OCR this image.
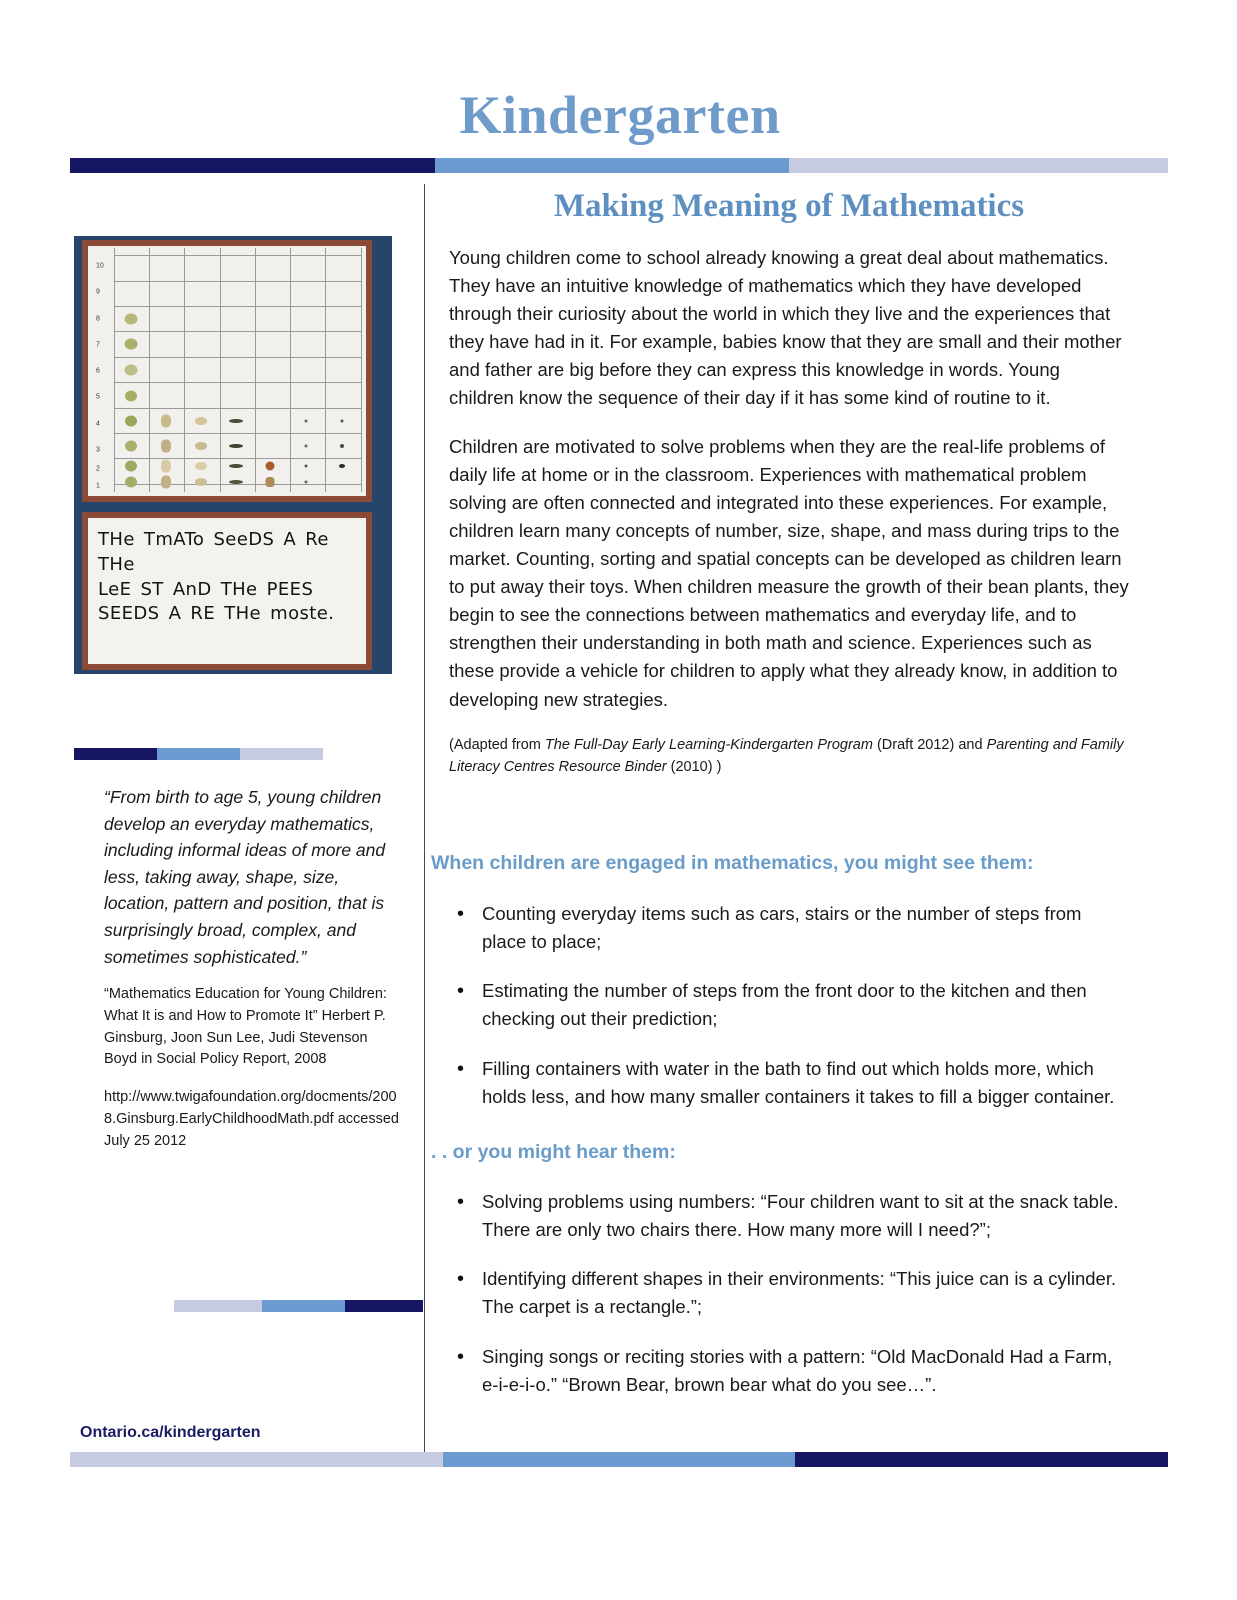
Kindergarten
10
9
8
7
6
5
4
3
2
1
THe TmATo SeeDS A Re THe
LeE ST AnD THe PEES
SEEDS A RE THe moste.
“From birth to age 5, young children develop an everyday mathematics, including informal ideas of more and less, taking away, shape, size, location, pattern and position, that is surprisingly broad, complex, and sometimes sophisticated.”
“Mathematics Education for Young Children: What It is and How to Promote It” Herbert P. Ginsburg, Joon Sun Lee, Judi Stevenson Boyd in Social Policy Report, 2008
http://www.twigafoundation.org/docments/2008.Ginsburg.EarlyChildhoodMath.pdf accessed July 25 2012
Ontario.ca/kindergarten
Making Meaning of Mathematics

Young children come to school already knowing a great deal about mathematics. They have an intuitive knowledge of mathematics which they have developed through their curiosity about the world in which they live and the experiences that they have had in it. For example, babies know that they are small and their mother and father are big before they can express this knowledge in words. Young children know the sequence of their day if it has some kind of routine to it.

Children are motivated to solve problems when they are the real-life problems of daily life at home or in the classroom. Experiences with mathematical problem solving are often connected and integrated into these experiences. For example, children learn many concepts of number, size, shape, and mass during trips to the market. Counting, sorting and spatial concepts can be developed as children learn to put away their toys. When children measure the growth of their bean plants, they begin to see the connections between mathematics and everyday life, and to strengthen their understanding in both math and science. Experiences such as these provide a vehicle for children to apply what they already know, in addition to developing new strategies.

(Adapted from The Full-Day Early Learning-Kindergarten Program (Draft 2012) and Parenting and Family Literacy Centres Resource Binder (2010) )

When children are engaged in mathematics, you might see them:
• Counting everyday items such as cars, stairs or the number of steps from place to place;
• Estimating the number of steps from the front door to the kitchen and then checking out their prediction;
• Filling containers with water in the bath to find out which holds more, which holds less, and how many smaller containers it takes to fill a bigger container.
. . or you might hear them:
• Solving problems using numbers: “Four children want to sit at the snack table. There are only two chairs there. How many more will I need?”;
• Identifying different shapes in their environments: “This juice can is a cylinder. The carpet is a rectangle.”;
• Singing songs or reciting stories with a pattern: “Old MacDonald Had a Farm, e-i-e-i-o.” “Brown Bear, brown bear what do you see…”.
